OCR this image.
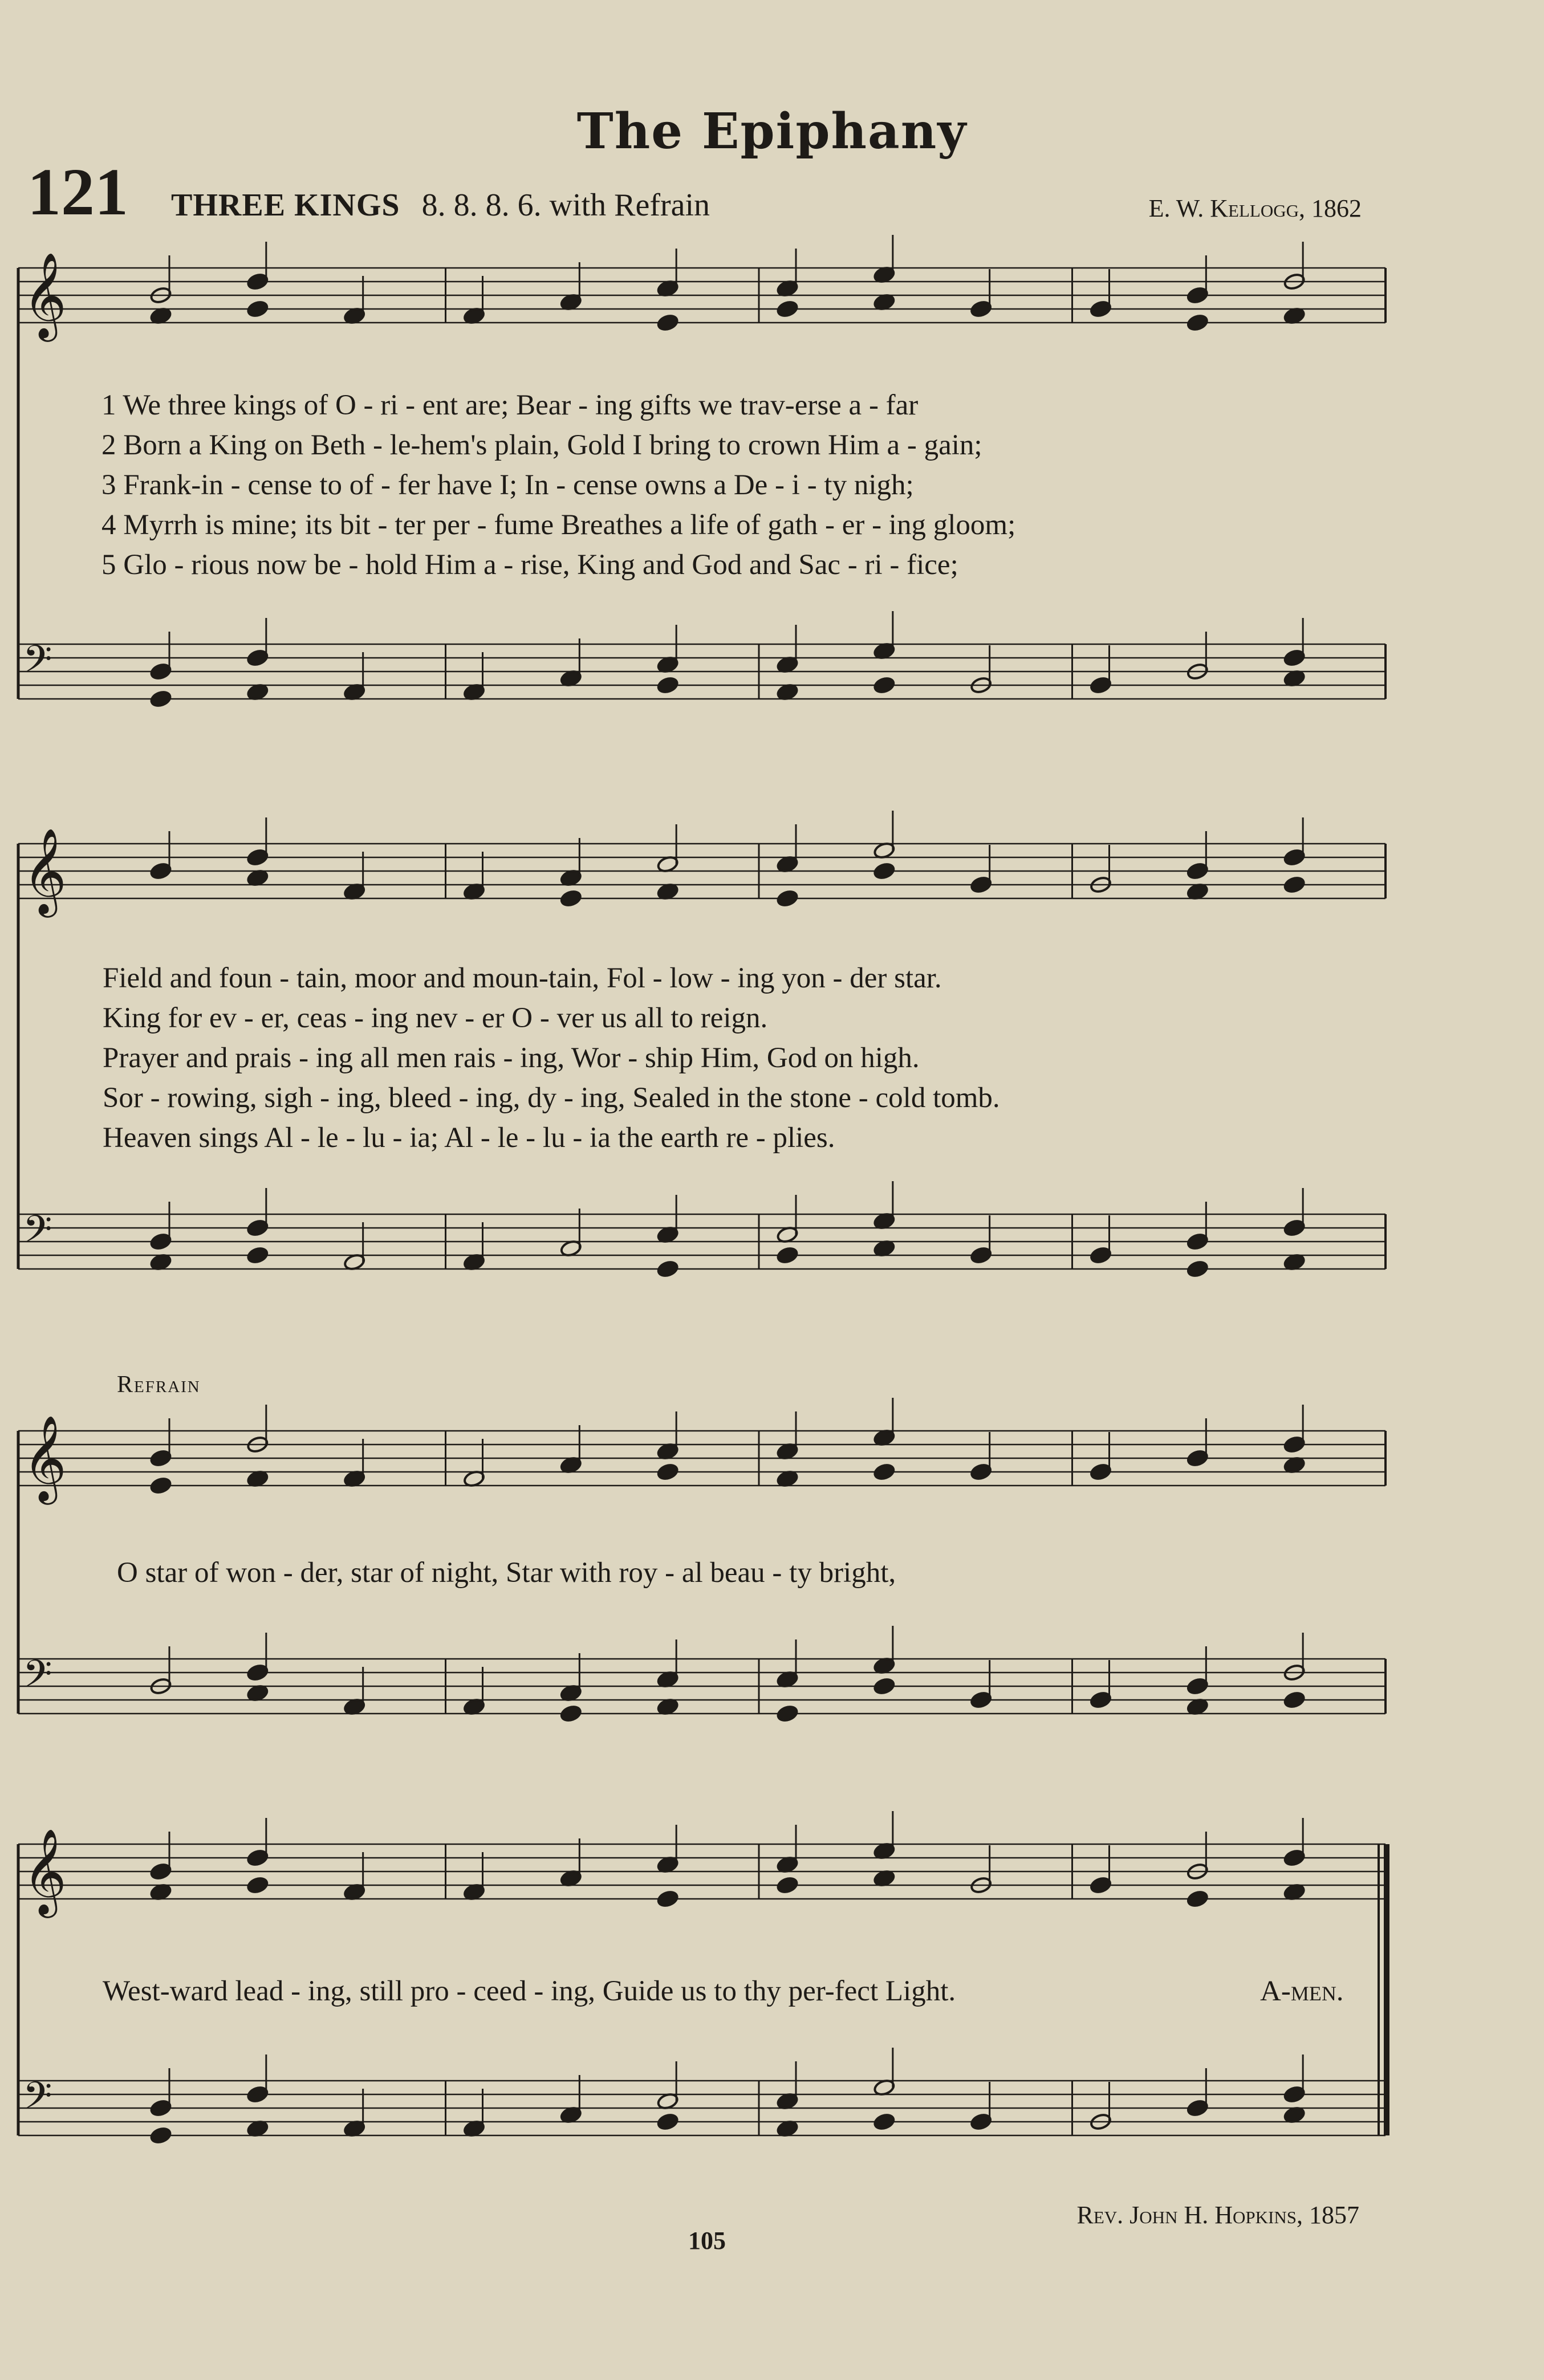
The Epiphany
121 THREE KINGS 8. 8. 8. 6. with Refrain	E. W. Kellogg, 1862
𝄞
𝄢
𝄞
𝄢
𝄞
𝄢
𝄞
𝄢
1 We three kings of O - ri - ent are; Bear - ing gifts we trav-erse a - far
2 Born a King on Beth - le-hem's plain, Gold I bring to crown Him a - gain;
3 Frank-in - cense to of - fer have I; In - cense owns a De - i - ty nigh;
4 Myrrh is mine; its bit - ter per - fume Breathes a life of gath - er - ing gloom;
5 Glo - rious now be - hold Him a - rise, King and God and Sac - ri - fice;
Field and foun - tain, moor and moun-tain, Fol - low - ing yon - der star.
King for ev - er, ceas - ing nev - er O - ver us all to reign.
Prayer and prais - ing all men rais - ing, Wor - ship Him, God on high.
Sor - rowing, sigh - ing, bleed - ing, dy - ing, Sealed in the stone - cold tomb.
Heaven sings Al - le - lu - ia; Al - le - lu - ia the earth re - plies.
Refrain
O star of won - der, star of night, Star with roy - al beau - ty bright,
West-ward lead - ing, still pro - ceed - ing, Guide us to thy per-fect Light.	A-men.
Rev. John H. Hopkins, 1857
105
